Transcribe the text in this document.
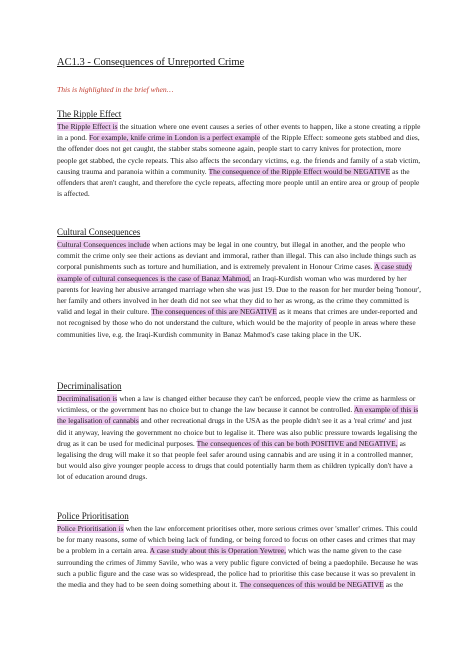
AC1.3 - Consequences of Unreported Crime

This is highlighted in the brief when…

The Ripple Effect

The Ripple Effect is the situation where one event causes a series of other events to happen, like a stone creating a ripple in a pond. For example, knife crime in London is a perfect example of the Ripple Effect: someone gets stabbed and dies, the offender does not get caught, the stabber stabs someone again, people start to carry knives for protection, more people get stabbed, the cycle repeats. This also affects the secondary victims, e.g. the friends and family of a stab victim, causing trauma and paranoia within a community. The consequence of the Ripple Effect would be NEGATIVE as the offenders that aren't caught, and therefore the cycle repeats, affecting more people until an entire area or group of people is affected.

Cultural Consequences

Cultural Consequences include when actions may be legal in one country, but illegal in another, and the people who commit the crime only see their actions as deviant and immoral, rather than illegal. This can also include things such as corporal punishments such as torture and humiliation, and is extremely prevalent in Honour Crime cases. A case study example of cultural consequences is the case of Banaz Mahmod, an Iraqi-Kurdish woman who was murdered by her parents for leaving her abusive arranged marriage when she was just 19. Due to the reason for her murder being 'honour', her family and others involved in her death did not see what they did to her as wrong, as the crime they committed is valid and legal in their culture. The consequences of this are NEGATIVE as it means that crimes are under-reported and not recognised by those who do not understand the culture, which would be the majority of people in areas where these communities live, e.g. the Iraqi-Kurdish community in Banaz Mahmod's case taking place in the UK.

Decriminalisation

Decriminalisation is when a law is changed either because they can't be enforced, people view the crime as harmless or victimless, or the government has no choice but to change the law because it cannot be controlled. An example of this is the legalisation of cannabis and other recreational drugs in the USA as the people didn't see it as a 'real crime' and just did it anyway, leaving the government no choice but to legalise it. There was also public pressure towards legalising the drug as it can be used for medicinal purposes. The consequences of this can be both POSITIVE and NEGATIVE, as legalising the drug will make it so that people feel safer around using cannabis and are using it in a controlled manner, but would also give younger people access to drugs that could potentially harm them as children typically don't have a lot of education around drugs.

Police Prioritisation

Police Prioritisation is when the law enforcement prioritises other, more serious crimes over 'smaller' crimes. This could be for many reasons, some of which being lack of funding, or being forced to focus on other cases and crimes that may be a problem in a certain area. A case study about this is Operation Yewtree, which was the name given to the case surrounding the crimes of Jimmy Savile, who was a very public figure convicted of being a paedophile. Because he was such a public figure and the case was so widespread, the police had to prioritise this case because it was so prevalent in the media and they had to be seen doing something about it. The consequences of this would be NEGATIVE as the
